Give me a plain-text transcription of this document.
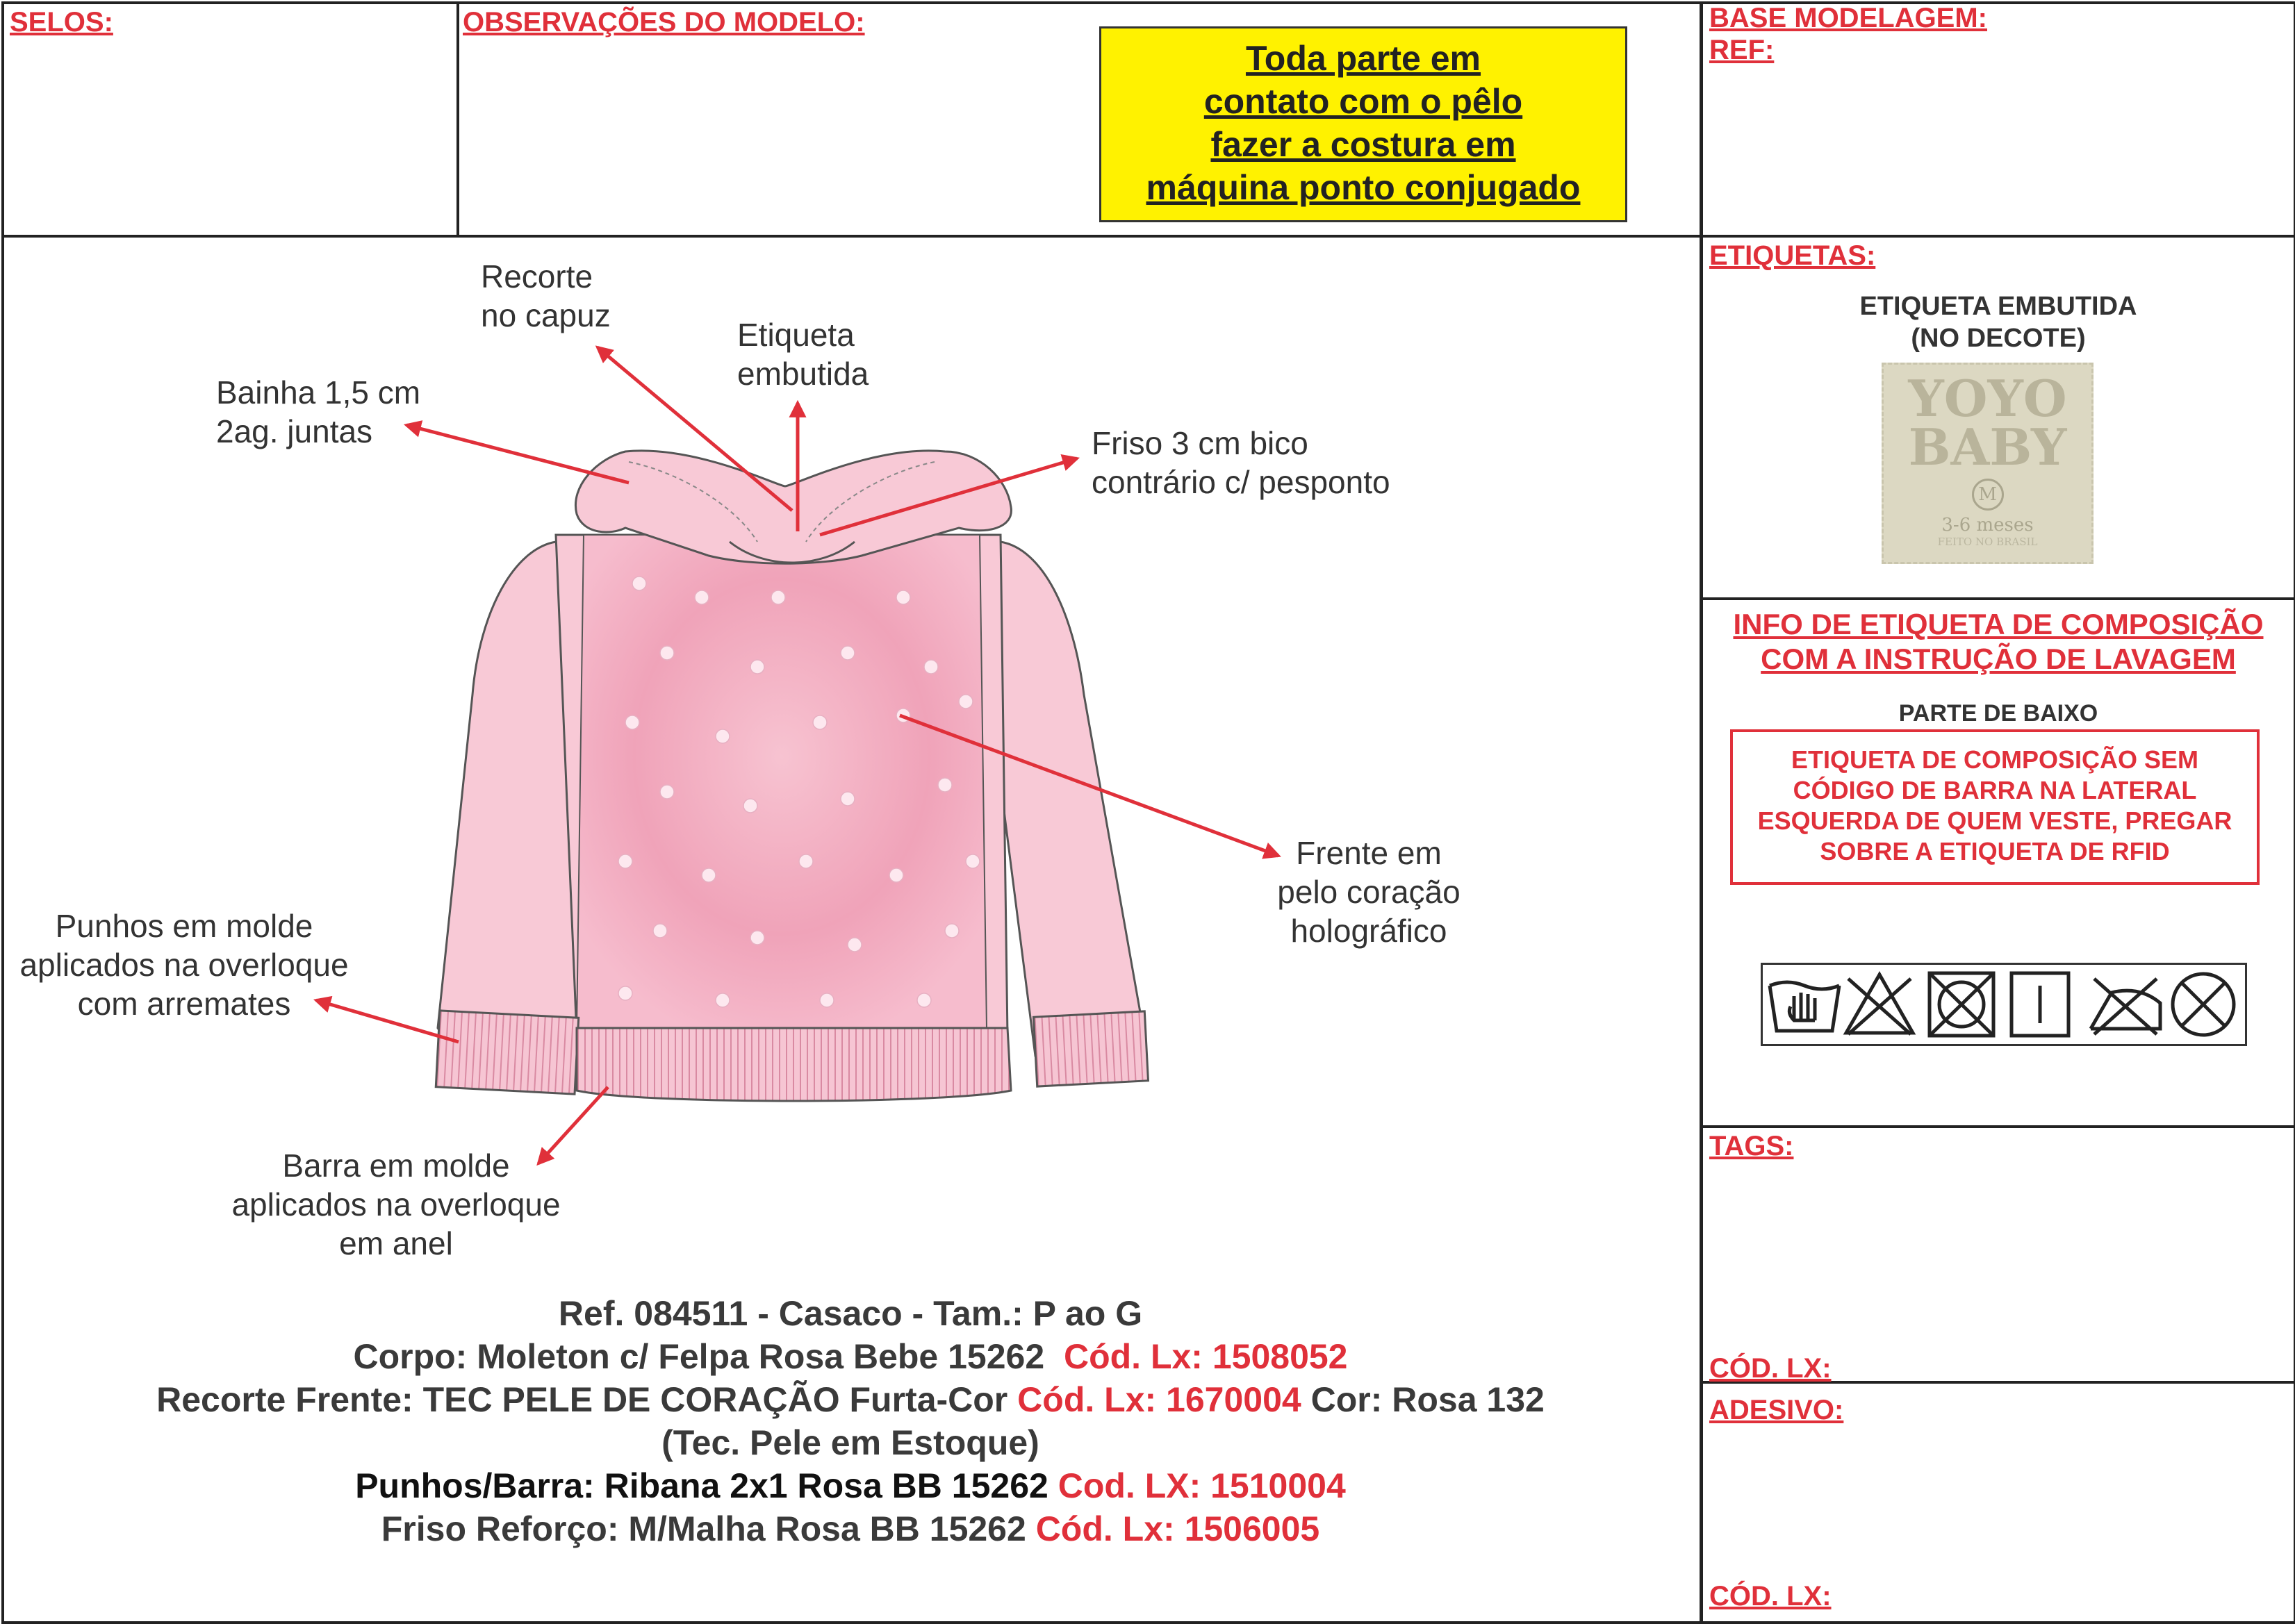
SELOS:	OBSERVAÇÕES DO MODELO:
Toda parte em
contato com o pêlo
fazer a costura em
máquina ponto conjugado
BASE MODELAGEM:
REF:
Recorte
no capuz
Etiqueta
embutida
Bainha 1,5 cm
2ag. juntas	Friso 3 cm bico
contrário c/ pesponto
Frente em
pelo coração
holográfico
Punhos em molde
aplicados na overloque
com arremates
Barra em molde
aplicados na overloque
em anel
Ref. 084511 - Casaco - Tam.: P ao G
Corpo: Moleton c/ Felpa Rosa Bebe 15262 Cód. Lx: 1508052
Recorte Frente: TEC PELE DE CORAÇÃO Furta-Cor Cód. Lx: 1670004 Cor: Rosa 132
(Tec. Pele em Estoque)
Punhos/Barra: Ribana 2x1 Rosa BB 15262 Cod. LX: 1510004
Friso Reforço: M/Malha Rosa BB 15262 Cód. Lx: 1506005
ETIQUETAS:
ETIQUETA EMBUTIDA
(NO DECOTE)
YOYO
BABY
M
3-6 meses
FEITO NO BRASIL
INFO DE ETIQUETA DE COMPOSIÇÃO
COM A INSTRUÇÃO DE LAVAGEM
PARTE DE BAIXO
ETIQUETA DE COMPOSIÇÃO SEM
CÓDIGO DE BARRA NA LATERAL
ESQUERDA DE QUEM VESTE, PREGAR
SOBRE A ETIQUETA DE RFID
TAGS:
CÓD. LX:
ADESIVO:
CÓD. LX:
